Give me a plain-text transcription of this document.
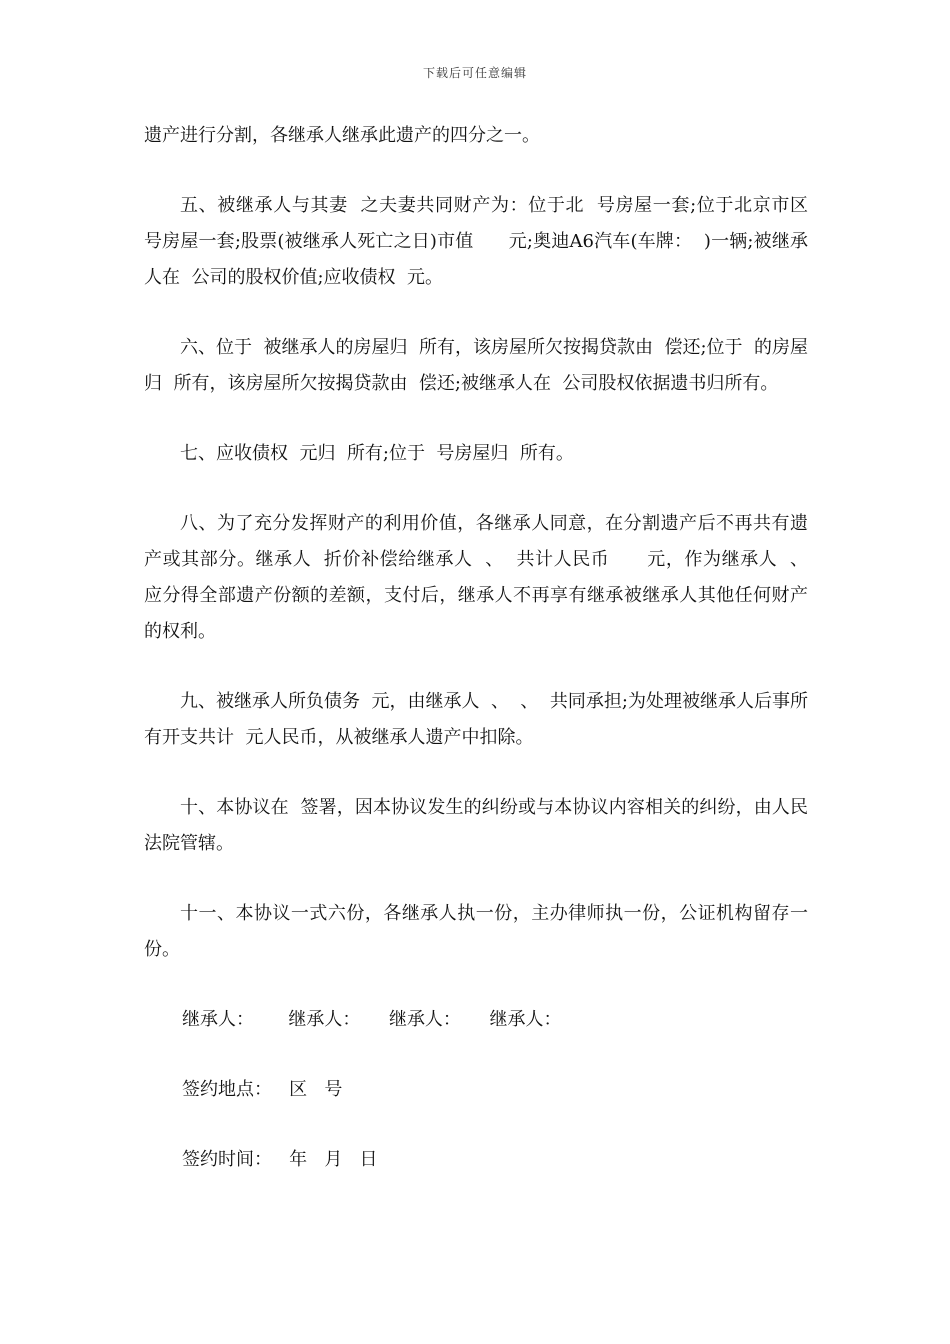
下载后可任意编辑

遗产进行分割，各继承人继承此遗产的四分之一。

五、被继承人与其妻  之夫妻共同财产为：位于北  号房屋一套;位于北京市区  号房屋一套;股票(被继承人死亡之日)市值      元;奥迪A6汽车(车牌：  )一辆;被继承人在  公司的股权价值;应收债权  元。

六、位于  被继承人的房屋归  所有，该房屋所欠按揭贷款由  偿还;位于  的房屋归  所有，该房屋所欠按揭贷款由  偿还;被继承人在  公司股权依据遗书归所有。

七、应收债权  元归  所有;位于  号房屋归  所有。

八、为了充分发挥财产的利用价值，各继承人同意，在分割遗产后不再共有遗产或其部分。继承人  折价补偿给继承人  、  共计人民币      元，作为继承人  、  应分得全部遗产份额的差额，支付后，继承人不再享有继承被继承人其他任何财产的权利。

九、被继承人所负债务  元，由继承人  、  、  共同承担;为处理被继承人后事所有开支共计  元人民币，从被继承人遗产中扣除。

十、本协议在  签署，因本协议发生的纠纷或与本协议内容相关的纠纷，由人民法院管辖。

十一、本协议一式六份，各继承人执一份，主办律师执一份，公证机构留存一份。

继承人：      继承人：     继承人：     继承人：

签约地点：   区   号

签约时间：   年   月   日
